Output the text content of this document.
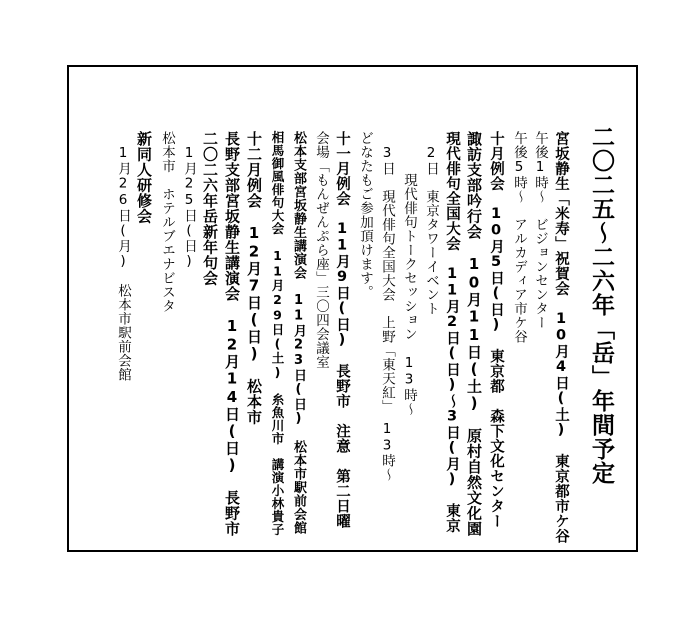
二〇二五〜二六年「岳」年間予定
宮坂静生「米寿」祝賀会　10月4日(土)　東京都市ケ谷
午後1時〜　ビジョンセンター
午後5時〜　アルカディア市ケ谷
十月例会　10月5日(日)　東京都　森下文化センター
諏訪支部吟行会　10月11日(土)　原村自然文化園
現代俳句全国大会　11月2日(日)〜3日(月)　東京
　2日　東京タワーイベント
　　　現代俳句トークセッション　13時〜
　3日　現代俳句全国大会　上野「東天紅」　13時〜
どなたもご参加頂けます。
十一月例会　11月9日(日)　長野市　注意　第二日曜
会場「もんぜんぷら座」三〇四会議室
松本支部宮坂静生講演会　11月23日(日)　松本市駅前会館
相馬御風俳句大会　11月29日(土)　糸魚川市　講演小林貴子
十二月例会　12月7日(日)　松本市
長野支部宮坂静生講演会　12月14日(日)　長野市
二〇二六年岳新年句会
　1月25日(日)
松本市　ホテルブエナビスタ
新同人研修会
　1月26日(月)　松本市駅前会館
